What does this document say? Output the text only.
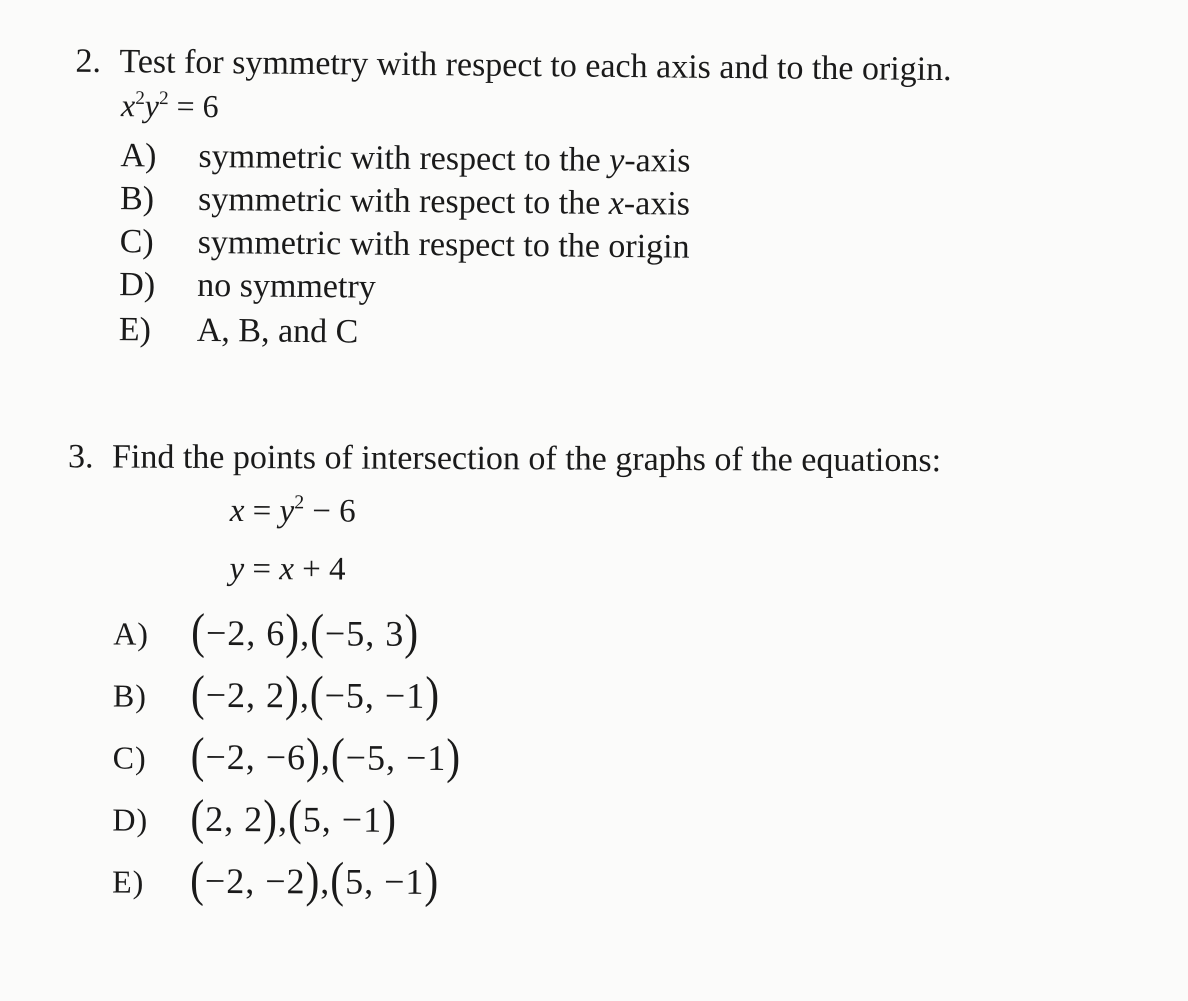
2. Test for symmetry with respect to each axis and to the origin.
$x^2y^2 = 6$
A) symmetric with respect to the y-axis
B) symmetric with respect to the x-axis
C) symmetric with respect to the origin
D) no symmetry
E) A, B, and C
3. Find the points of intersection of the graphs of the equations:
$x = y^2 - 6$
y = x + 4
A) (−2, 6),(−5, 3)
B) (−2, 2),(−5, −1)
C) (−2, −6),(−5, −1)
D) (2, 2),(5, −1)
E) (−2, −2),(5, −1)
